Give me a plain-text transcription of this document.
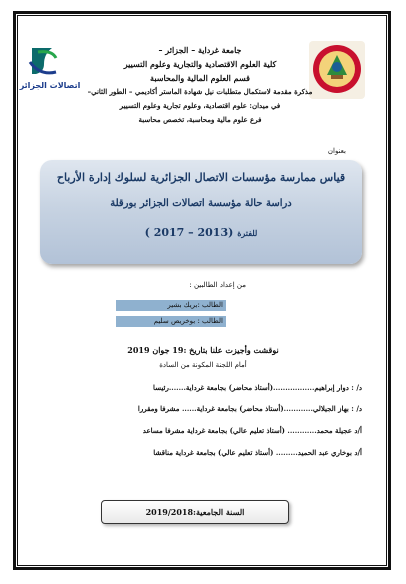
اتصالات الجزائر
جامعة غرداية – الجزائر –
كلية العلوم الاقتصادية والتجارية وعلوم التسيير
قسم العلوم المالية والمحاسبة
مذكرة مقدمة لاستكمال متطلبات نيل شهادة الماستر أكاديمي – الطور الثاني–
في ميدان: علوم اقتصادية، وعلوم تجارية وعلوم التسيير
فرع علوم مالية ومحاسبة، تخصص محاسبة
بعنوان
قياس ممارسة مؤسسات الاتصال الجزائرية لسلوك إدارة الأرباح
دراسة حالة مؤسسة اتصالات الجزائر بورقلة
للفترة (2013 – 2017 )
من إعداد الطالبين :
الطالب :بريك بشير
الطالب : بوخريص سليم
نوقشت وأجيزت علنا بتاريخ :19 جوان 2019
أمام اللجنة المكونة من السادة
د/ : دوار إبراهيم.................(أستاذ محاضر) بجامعة غرداية.......رئيسا
د/ : بهاز الجيلالي............(أستاذ محاضر) بجامعة غرداية...... مشرفا ومقررا
أ/د عجيلة محمد............ (أستاذ تعليم عالي) بجامعة غرداية مشرفا مساعد
أ/د بوخاري عبد الحميد......... (أستاذ تعليم عالي) بجامعة غرداية مناقشا
السنة الجامعية:2019/2018
